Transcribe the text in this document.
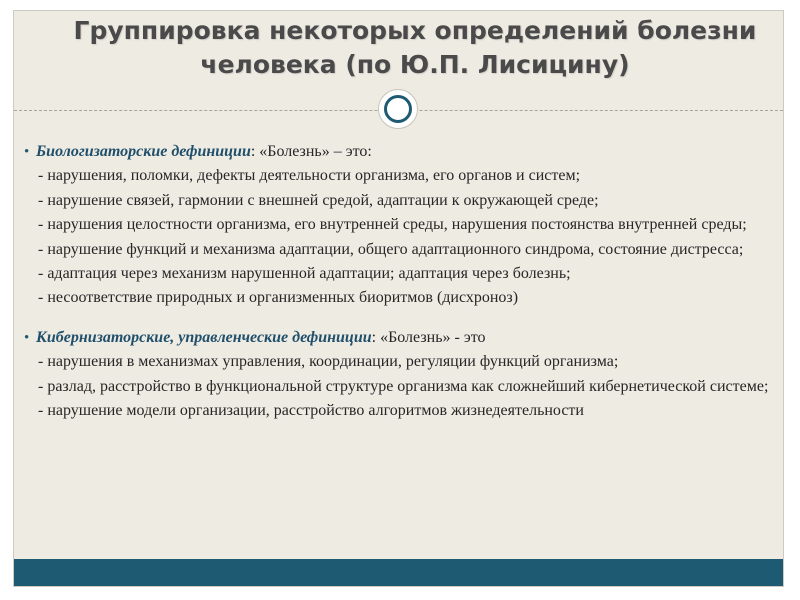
Группировка некоторых определений болезни
человека (по Ю.П. Лисицину)
• Биологизаторские дефиниции: «Болезнь» – это:
- нарушения, поломки, дефекты деятельности организма, его органов и систем;
- нарушение связей, гармонии с внешней средой, адаптации к окружающей среде;
- нарушения целостности организма, его внутренней среды, нарушения постоянства внутренней среды;
- нарушение функций и механизма адаптации, общего адаптационного синдрома, состояние дистресса;
- адаптация через механизм нарушенной адаптации; адаптация через болезнь;
- несоответствие природных и организменных биоритмов (дисхроноз)
• Кибернизаторские, управленческие дефиниции: «Болезнь» - это
- нарушения в механизмах управления, координации, регуляции функций организма;
- разлад, расстройство в функциональной структуре организма как сложнейший кибернетической системе;
- нарушение модели организации, расстройство алгоритмов жизнедеятельности
